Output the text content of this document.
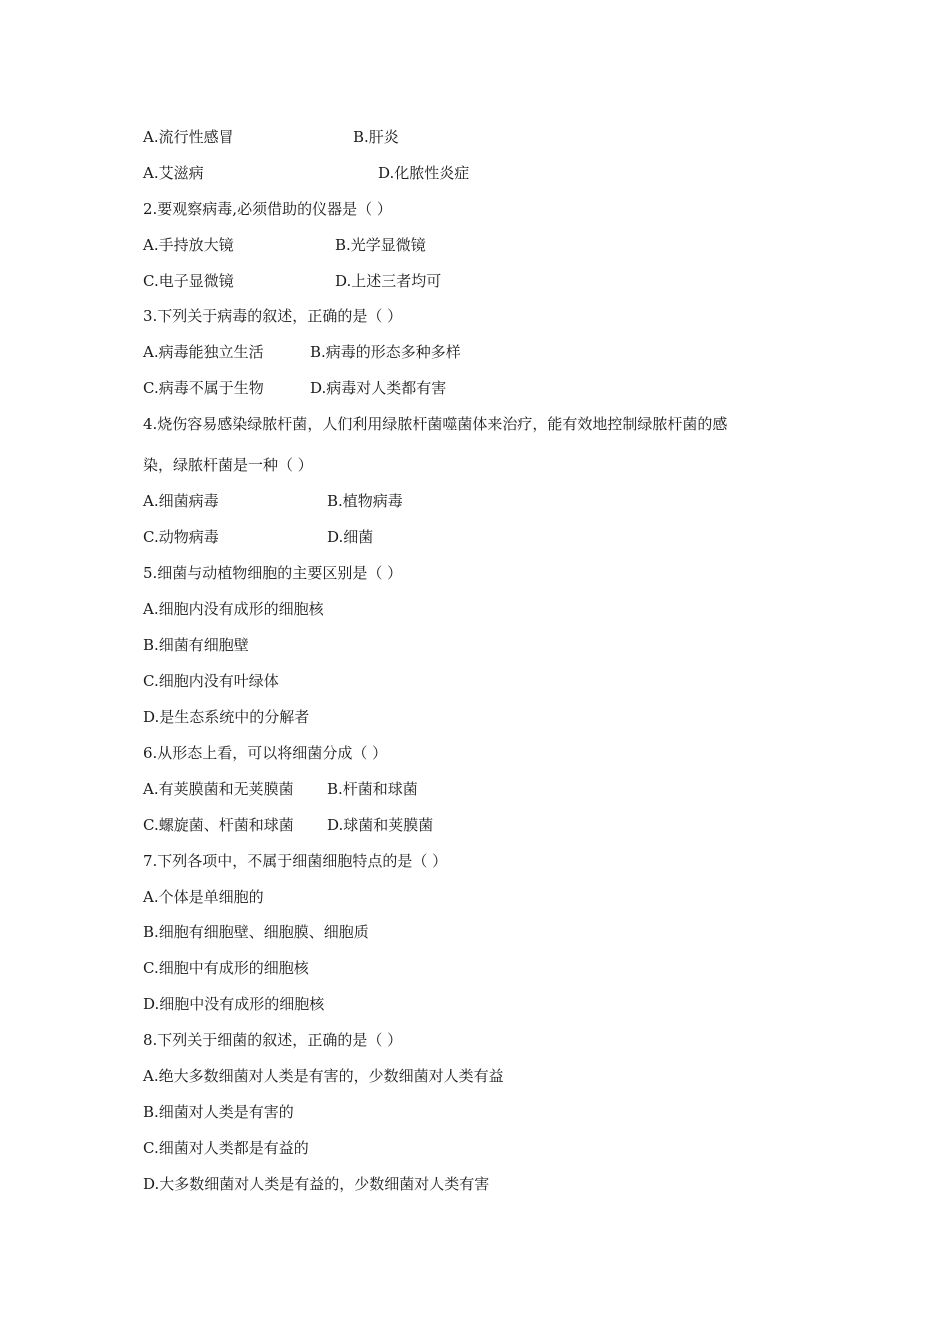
A.流行性感冒	B.肝炎
A.艾滋病	D.化脓性炎症
2.要观察病毒,必须借助的仪器是（ ）
A.手持放大镜	B.光学显微镜
C.电子显微镜	D.上述三者均可
3.下列关于病毒的叙述，正确的是（ ）
A.病毒能独立生活	B.病毒的形态多种多样
C.病毒不属于生物	D.病毒对人类都有害
4.烧伤容易感染绿脓杆菌，人们利用绿脓杆菌噬菌体来治疗，能有效地控制绿脓杆菌的感
染，绿脓杆菌是一种（ ）
A.细菌病毒	B.植物病毒
C.动物病毒	D.细菌
5.细菌与动植物细胞的主要区别是（ ）
A.细胞内没有成形的细胞核
B.细菌有细胞壁
C.细胞内没有叶绿体
D.是生态系统中的分解者
6.从形态上看，可以将细菌分成（ ）
A.有荚膜菌和无荚膜菌 B.杆菌和球菌
C.螺旋菌、杆菌和球菌 D.球菌和荚膜菌
7.下列各项中，不属于细菌细胞特点的是（ ）
A.个体是单细胞的
B.细胞有细胞壁、细胞膜、细胞质
C.细胞中有成形的细胞核
D.细胞中没有成形的细胞核
8.下列关于细菌的叙述，正确的是（ ）
A.绝大多数细菌对人类是有害的，少数细菌对人类有益
B.细菌对人类是有害的
C.细菌对人类都是有益的
D.大多数细菌对人类是有益的，少数细菌对人类有害
